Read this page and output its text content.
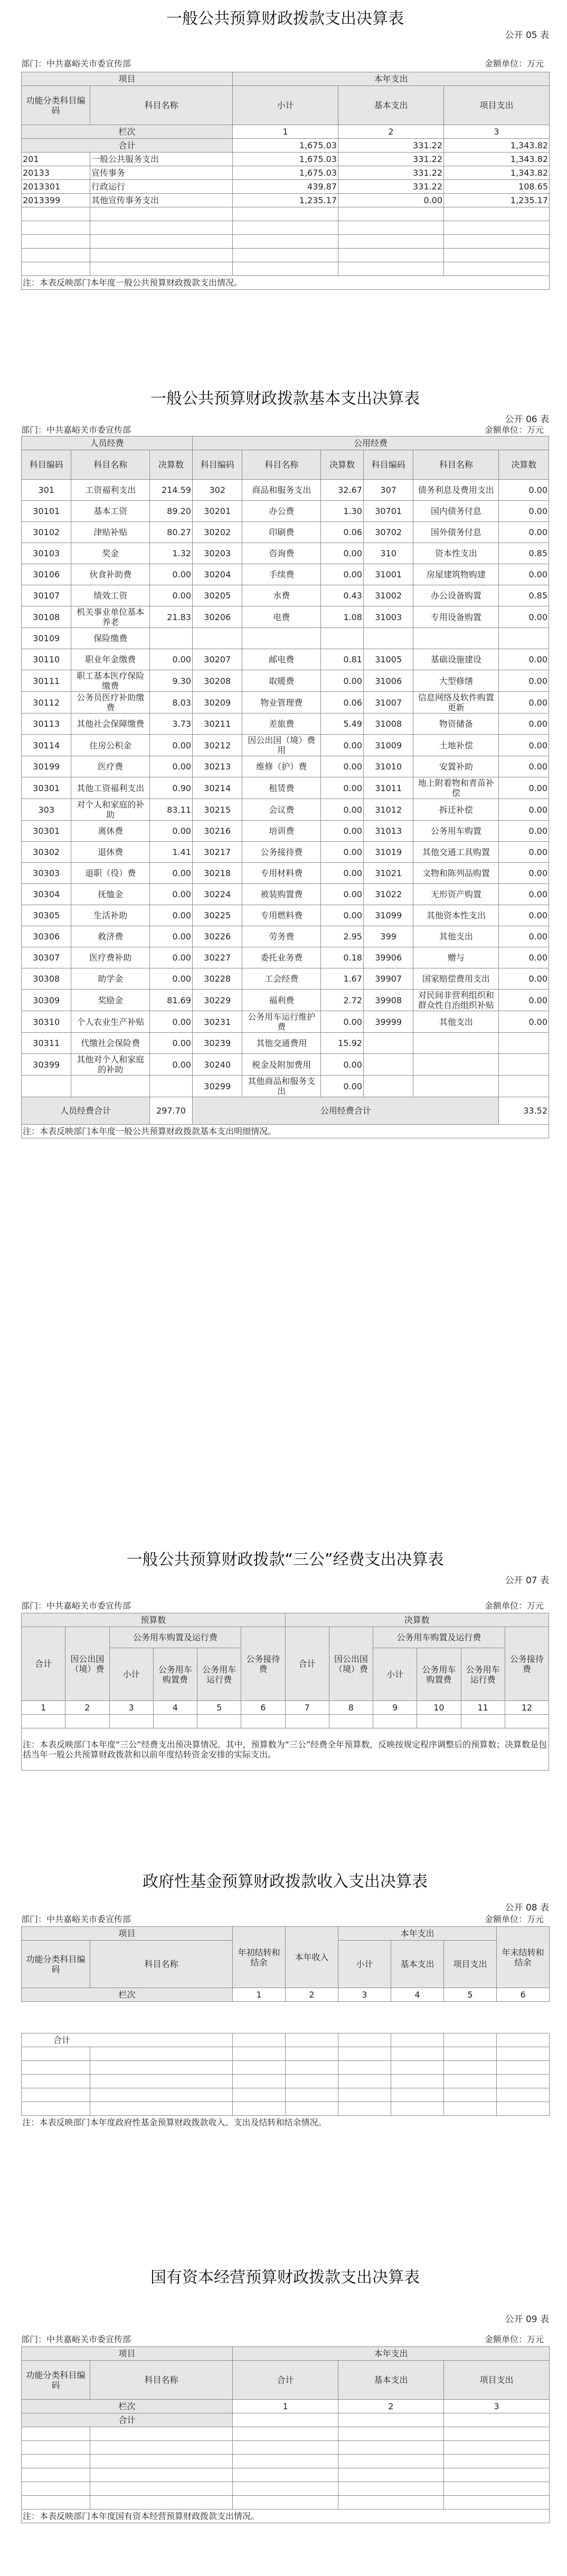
一般公共预算财政拨款支出决算表
公开 05 表
部门：中共嘉峪关市委宣传部	金额单位：万元
项目		本年支出		
功能分类科目编码	科目名称	小计	基本支出	项目支出
栏次		1	2	3
合计		1,675.03	331.22	1,343.82
201	一般公共服务支出	1,675.03	331.22	1,343.82
20133	宣传事务	1,675.03	331.22	1,343.82
2013301	行政运行	439.87	331.22	108.65
2013399	其他宣传事务支出	1,235.17	0.00	1,235.17

注：本表反映部门本年度一般公共预算财政拨款支出情况。				
一般公共预算财政拨款基本支出决算表
公开 06 表
部门：中共嘉峪关市委宣传部	金额单位：万元
人员经费			公用经费					
科目编码	科目名称	决算数	科目编码	科目名称	决算数	科目编码	科目名称	决算数
301	工资福利支出	214.59	302	商品和服务支出	32.67	307	债务利息及费用支出	0.00
30101	基本工资	89.20	30201	办公费	1.30	30701	国内债务付息	0.00
30102	津贴补贴	80.27	30202	印刷费	0.06	30702	国外债务付息	0.00
30103	奖金	1.32	30203	咨询费	0.00	310	资本性支出	0.85
30106	伙食补助费	0.00	30204	手续费	0.00	31001	房屋建筑物购建	0.00
30107	绩效工资	0.00	30205	水费	0.43	31002	办公设备购置	0.85
30108	机关事业单位基本养老	21.83	30206	电费	1.08	31003	专用设备购置	0.00
30109	保险缴费							
30110	职业年金缴费	0.00	30207	邮电费	0.81	31005	基础设施建设	0.00
30111	职工基本医疗保险缴费	9.30	30208	取暖费	0.00	31006	大型修缮	0.00
30112	公务员医疗补助缴费	8.03	30209	物业管理费	0.06	31007	信息网络及软件购置更新	0.00
30113	其他社会保障缴费	3.73	30211	差旅费	5.49	31008	物资储备	0.00
30114	住房公积金	0.00	30212	因公出国（境）费用	0.00	31009	土地补偿	0.00
30199	医疗费	0.00	30213	维修（护）费	0.00	31010	安置补助	0.00
30301	其他工资福利支出	0.90	30214	租赁费	0.00	31011	地上附着物和青苗补偿	0.00
303	对个人和家庭的补助	83.11	30215	会议费	0.00	31012	拆迁补偿	0.00
30301	离休费	0.00	30216	培训费	0.00	31013	公务用车购置	0.00
30302	退休费	1.41	30217	公务接待费	0.00	31019	其他交通工具购置	0.00
30303	退职（役）费	0.00	30218	专用材料费	0.00	31021	文物和陈列品购置	0.00
30304	抚恤金	0.00	30224	被装购置费	0.00	31022	无形资产购置	0.00
30305	生活补助	0.00	30225	专用燃料费	0.00	31099	其他资本性支出	0.00
30306	救济费	0.00	30226	劳务费	2.95	399	其他支出	0.00
30307	医疗费补助	0.00	30227	委托业务费	0.18	39906	赠与	0.00
30308	助学金	0.00	30228	工会经费	1.67	39907	国家赔偿费用支出	0.00
30309	奖励金	81.69	30229	福利费	2.72	39908	对民间非营利组织和群众性自治组织补贴	0.00
30310	个人农业生产补贴	0.00	30231	公务用车运行维护费	0.00	39999	其他支出	0.00
30311	代缴社会保险费	0.00	30239	其他交通费用	15.92			
30399	其他对个人和家庭的补助	0.00	30240	税金及附加费用	0.00			
			30299	其他商品和服务支出	0.00			
人员经费合计		297.70	公用经费合计					33.52
注：本表反映部门本年度一般公共预算财政拨款基本支出明细情况。								
一般公共预算财政拨款“三公”经费支出决算表
公开 07 表
部门：中共嘉峪关市委宣传部	金额单位：万元
预算数						决算数					
合计	因公出国（境）费	公务用车购置及运行费			公务接待费	合计	因公出国（境）费	公务用车购置及运行费			公务接待费
		小计	公务用车购置费	公务用车运行费				小计	公务用车购置费	公务用车运行费	
1	2	3	4	5	6	7	8	9	10	11	12

注：本表反映部门本年度“三公”经费支出预决算情况。其中，预算数为“三公”经费全年预算数，反映按规定程序调整后的预算数；决算数是包括当年一般公共预算财政拨款和以前年度结转资金安排的实际支出。											
政府性基金预算财政拨款收入支出决算表
公开 08 表
部门：中共嘉峪关市委宣传部	金额单位：万元
项目		年初结转和结余	本年收入	本年支出			年末结转和结余
功能分类科目编码	科目名称			小计	基本支出	项目支出	
栏次		1	2	3	4	5	6

合计							

注：本表反映部门本年度政府性基金预算财政拨款收入、支出及结转和结余情况。							
国有资本经营预算财政拨款支出决算表
公开 09 表
部门：中共嘉峪关市委宣传部	金额单位：万元
项目		本年支出		
功能分类科目编码	科目名称	合计	基本支出	项目支出
栏次		1	2	3
合计				

注：本表反映部门本年度国有资本经营预算财政拨款支出情况。				
